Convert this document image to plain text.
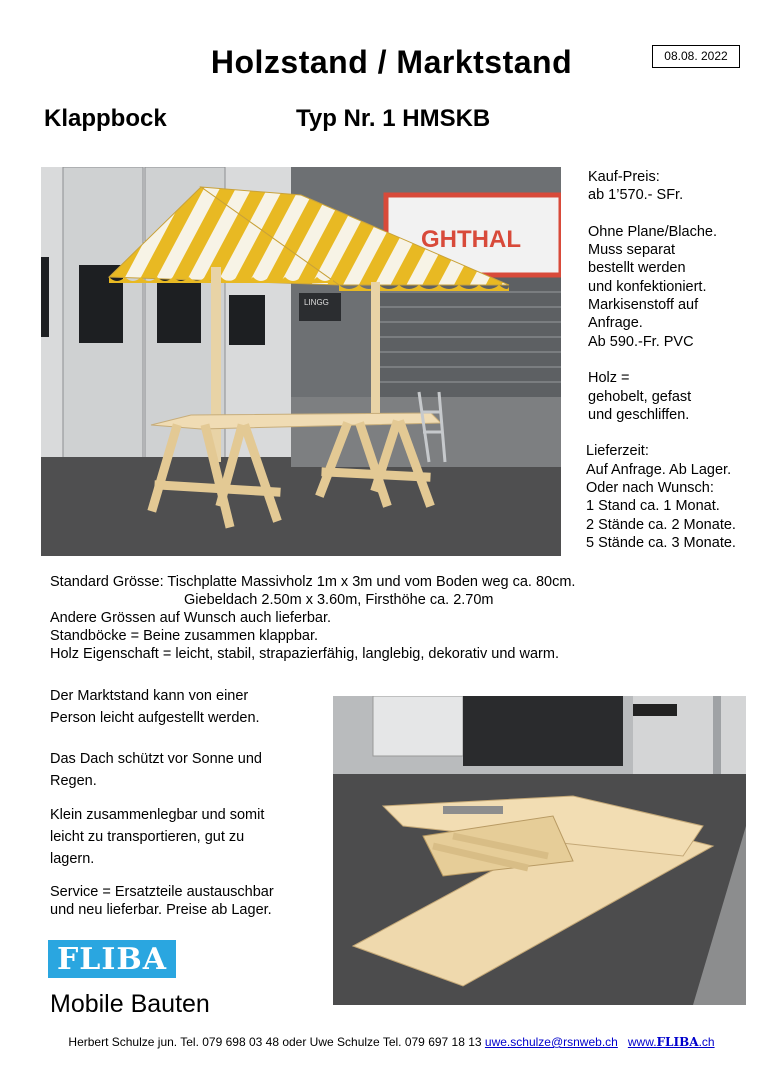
Holzstand / Marktstand	08.08. 2022
Klappbock	Typ Nr. 1 HMSKB
GHTHAL
LINGG
Kauf-Preis:
ab 1’570.- SFr.
Ohne Plane/Blache.
Muss separat
bestellt werden
und konfektioniert.
Markisenstoff auf
Anfrage.
Ab 590.-Fr. PVC
Holz =
gehobelt, gefast
und geschliffen.
Lieferzeit:
Auf Anfrage. Ab Lager.
Oder nach Wunsch:
1 Stand ca. 1 Monat.
2 Stände ca. 2 Monate.
5 Stände ca. 3 Monate.
Standard Grösse: Tischplatte Massivholz 1m x 3m und vom Boden weg ca. 80cm.
Giebeldach 2.50m x 3.60m, Firsthöhe ca. 2.70m
Andere Grössen auf Wunsch auch lieferbar.
Standböcke = Beine zusammen klappbar.
Holz Eigenschaft = leicht, stabil, strapazierfähig, langlebig, dekorativ und warm.
Der Marktstand kann von einer
Person leicht aufgestellt werden.
Das Dach schützt vor Sonne und
Regen.
Klein zusammenlegbar und somit
leicht zu transportieren, gut zu
lagern.
Service = Ersatzteile austauschbar
und neu lieferbar. Preise ab Lager.
FLIBA
Mobile Bauten
Herbert Schulze jun. Tel. 079 698 03 48 oder Uwe Schulze Tel. 079 697 18 13 uwe.schulze@rsnweb.ch www.FLIBA.ch
